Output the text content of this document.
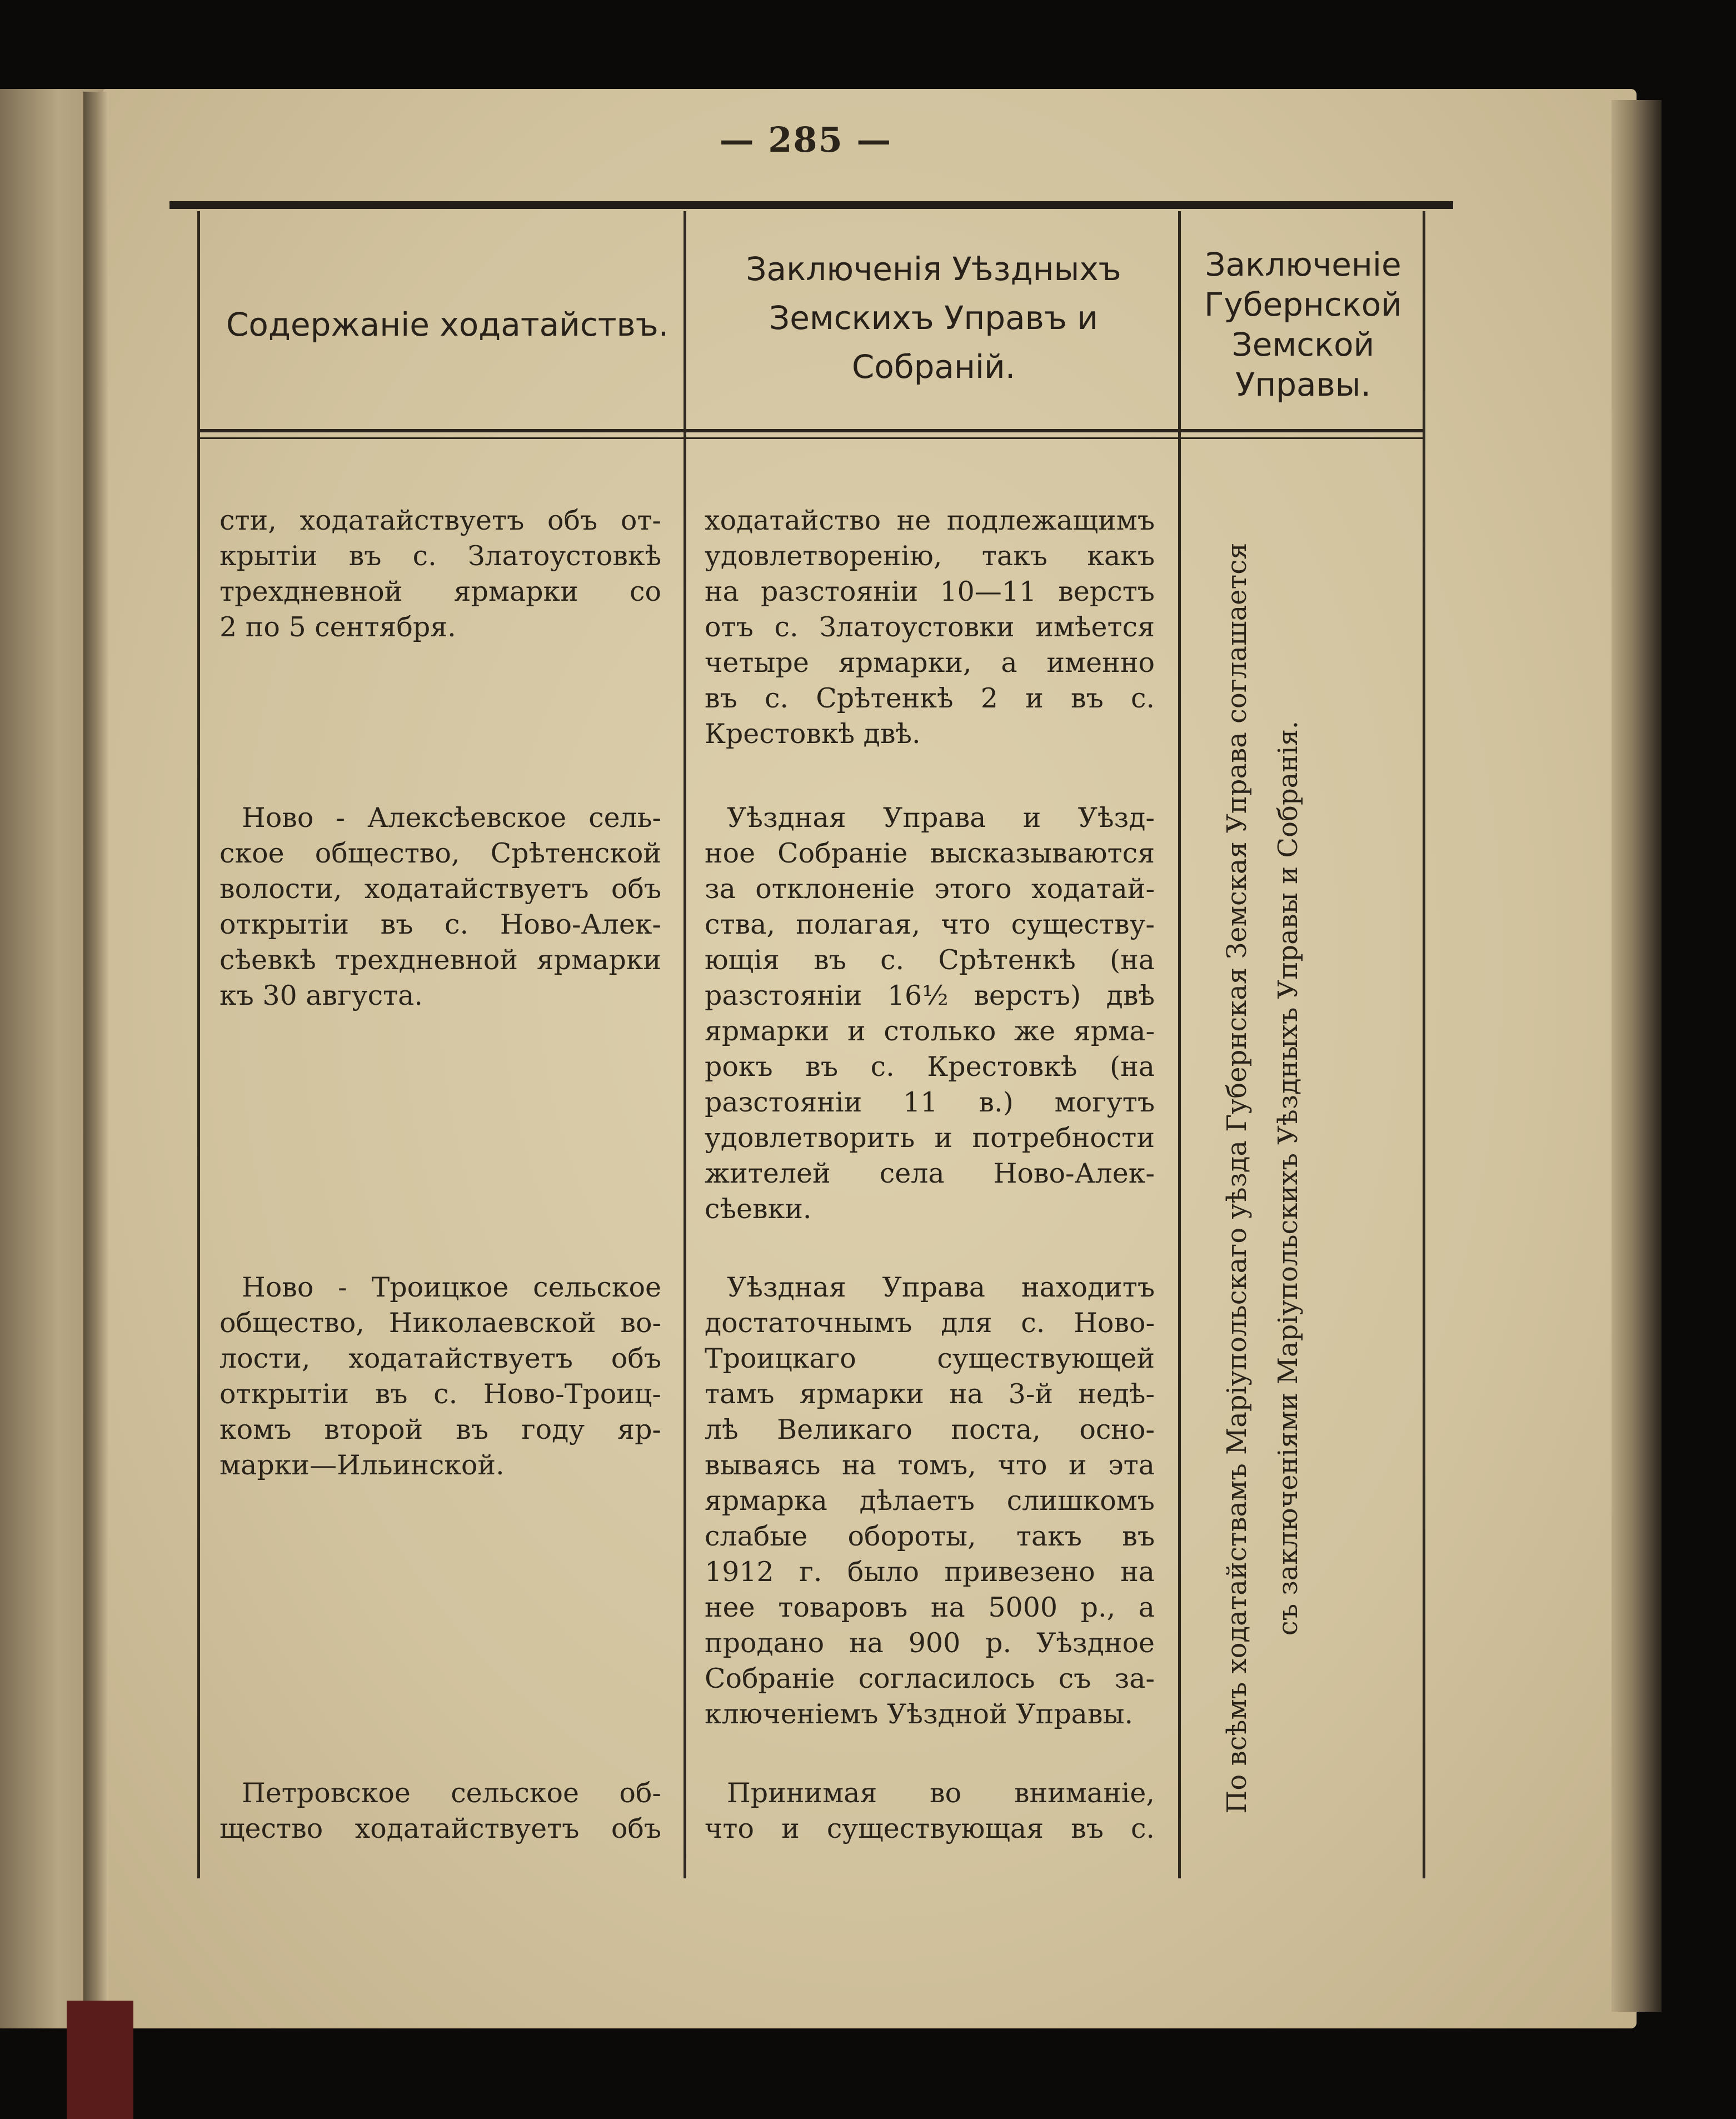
— 285 —
Содержаніе ходатайствъ.
Заключенія Уѣздныхъ Земскихъ Управъ и Собраній.
Заключеніе Губернской Земской Управы.

сти, ходатайствуетъ объ от-

крытіи въ с. Златоустовкѣ

трехдневной ярмарки со

2 по 5 сентября.

ходатайство не подлежащимъ

удовлетворенію, такъ какъ

на разстояніи 10—11 верстъ

отъ с. Златоустовки имѣется

четыре ярмарки, а именно

въ с. Срѣтенкѣ 2 и въ с.

Крестовкѣ двѣ.

Ново - Алексѣевское сель-

ское общество, Срѣтенской

волости, ходатайствуетъ объ

открытіи въ с. Ново-Алек-

сѣевкѣ трехдневной ярмарки

къ 30 августа.

Уѣздная Управа и Уѣзд-

ное Собраніе высказываются

за отклоненіе этого ходатай-

ства, полагая, что существу-

ющія въ с. Срѣтенкѣ (на

разстояніи 16½ верстъ) двѣ

ярмарки и столько же ярма-

рокъ въ с. Крестовкѣ (на

разстояніи 11 в.) могутъ

удовлетворить и потребности

жителей села Ново-Алек-

сѣевки.

Ново - Троицкое сельское

общество, Николаевской во-

лости, ходатайствуетъ объ

открытіи въ с. Ново-Троиц-

комъ второй въ году яр-

марки—Ильинской.

Уѣздная Управа находитъ

достаточнымъ для с. Ново-

Троицкаго существующей

тамъ ярмарки на 3-й недѣ-

лѣ Великаго поста, осно-

вываясь на томъ, что и эта

ярмарка дѣлаетъ слишкомъ

слабые обороты, такъ въ

1912 г. было привезено на

нее товаровъ на 5000 р., а

продано на 900 р. Уѣздное

Собраніе согласилось съ за-

ключеніемъ Уѣздной Управы.

Петровское сельское об-

щество ходатайствуетъ объ

Принимая во вниманіе,

что и существующая въ с.

По всѣмъ ходатайствамъ Маріупольскаго уѣзда Губернская Земская Управа соглашается съ заключеніями Маріупольскихъ Уѣздныхъ Управы и Собранія.
